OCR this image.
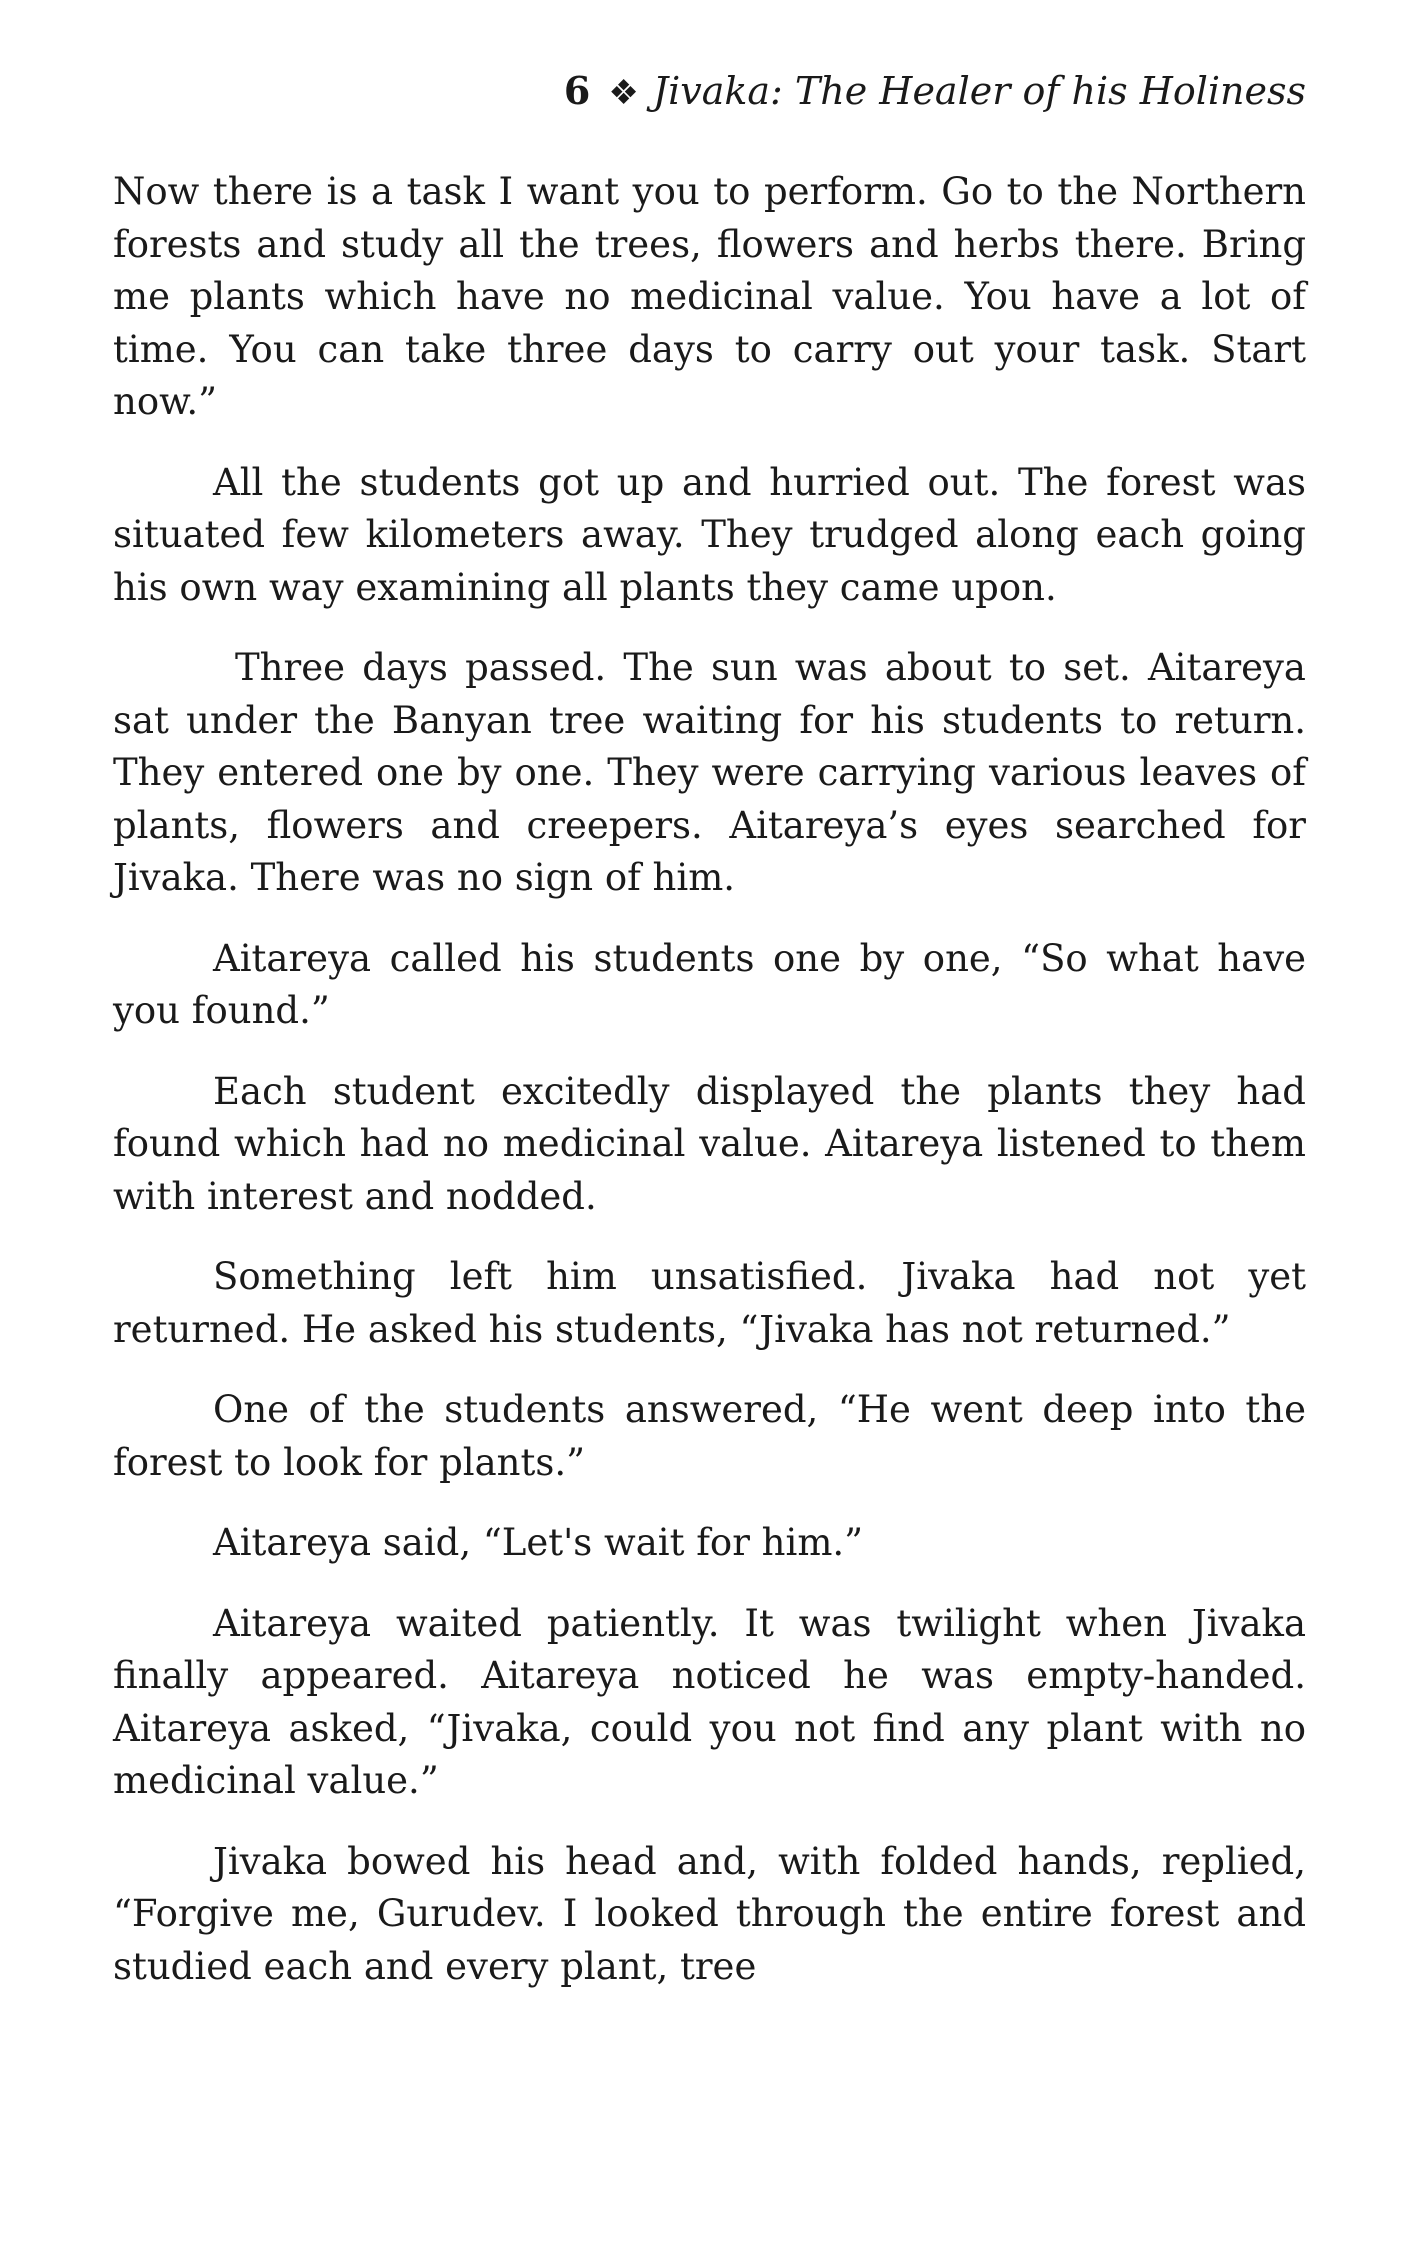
6 ❖ Jivaka: The Healer of his Holiness

Now there is a task I want you to perform. Go to the Northern forests and study all the trees, flowers and herbs there. Bring me plants which have no medicinal value. You have a lot of time. You can take three days to carry out your task. Start now.”

All the students got up and hurried out. The forest was situated few kilometers away. They trudged along each going his own way examining all plants they came upon.

Three days passed. The sun was about to set. Aitareya sat under the Banyan tree waiting for his students to return. They entered one by one. They were carrying various leaves of plants, flowers and creepers. Aitareya’s eyes searched for Jivaka. There was no sign of him.

Aitareya called his students one by one, “So what have you found.”

Each student excitedly displayed the plants they had found which had no medicinal value. Aitareya listened to them with interest and nodded.

Something left him unsatisfied. Jivaka had not yet returned. He asked his students, “Jivaka has not returned.”

One of the students answered, “He went deep into the forest to look for plants.”

Aitareya said, “Let's wait for him.”

Aitareya waited patiently. It was twilight when Jivaka finally appeared. Aitareya noticed he was empty-handed. Aitareya asked, “Jivaka, could you not find any plant with no medicinal value.”

Jivaka bowed his head and, with folded hands, replied, “Forgive me, Gurudev. I looked through the entire forest and studied each and every plant, tree
